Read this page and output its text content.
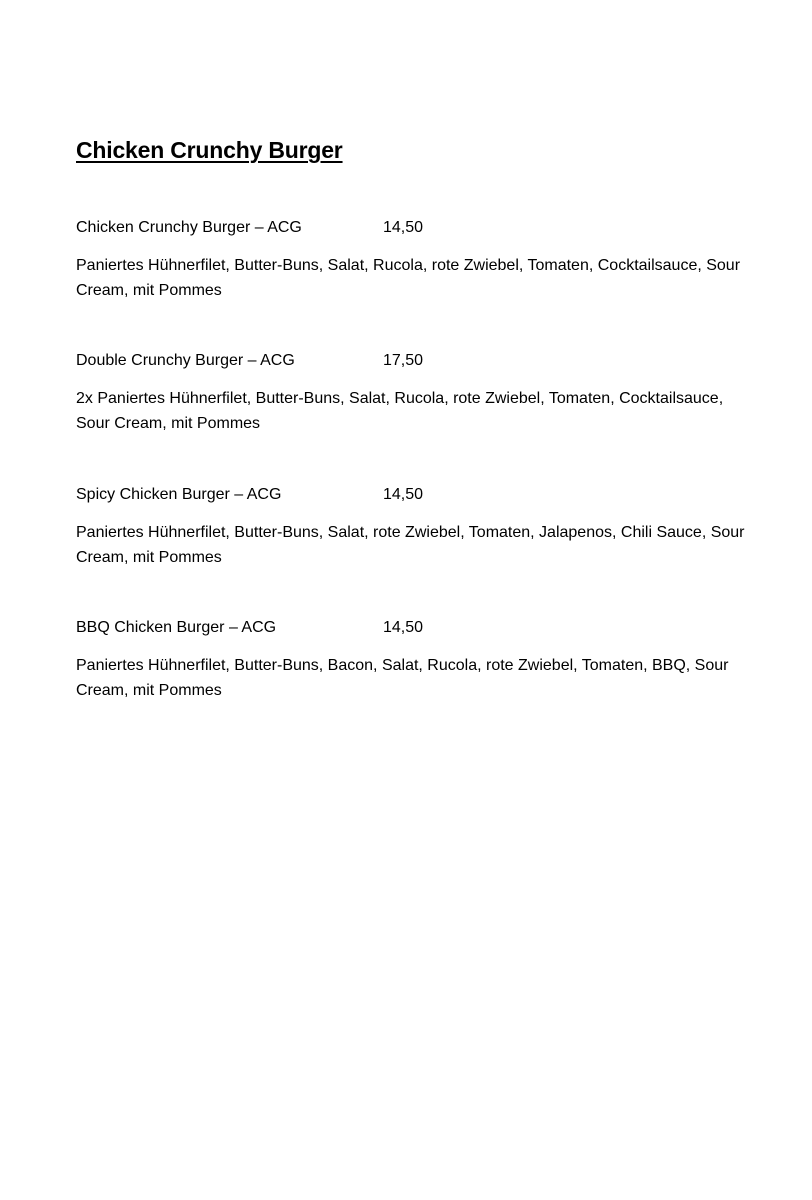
Chicken Crunchy Burger
Chicken Crunchy Burger – ACG	14,50
Paniertes Hühnerfilet, Butter-Buns, Salat, Rucola, rote Zwiebel, Tomaten, Cocktailsauce, Sour Cream, mit Pommes
Double Crunchy Burger – ACG	17,50
2x Paniertes Hühnerfilet, Butter-Buns, Salat, Rucola, rote Zwiebel, Tomaten, Cocktailsauce, Sour Cream, mit Pommes
Spicy Chicken Burger – ACG	14,50
Paniertes Hühnerfilet, Butter-Buns, Salat, rote Zwiebel, Tomaten, Jalapenos, Chili Sauce, Sour Cream, mit Pommes
BBQ Chicken Burger – ACG	14,50
Paniertes Hühnerfilet, Butter-Buns, Bacon, Salat, Rucola, rote Zwiebel, Tomaten, BBQ, Sour Cream, mit Pommes
